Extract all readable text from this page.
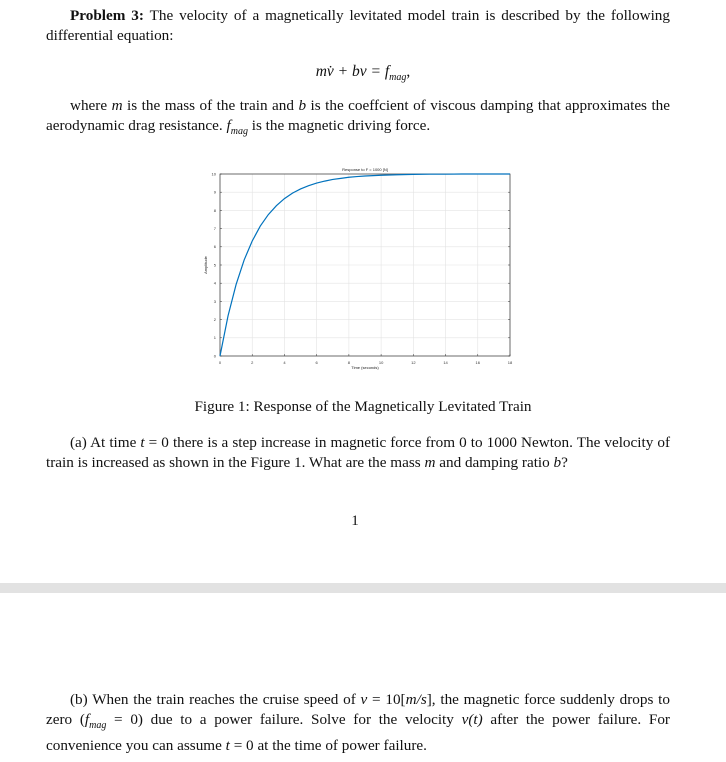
Problem 3: The velocity of a magnetically levitated model train is described by the following differential equation:
mv̇ + bv = $f_{mag}$,
where m is the mass of the train and b is the coeffcient of viscous damping that approximates the aerodynamic drag resistance. $f_{mag}$ is the magnetic driving force.
Response to F = 1000 [N]
Time (seconds)
Amplitude
0	2	4	6	8	10	12	14	16	18
0
1
2
3
4
5
6
7
8
9
10
Figure 1: Response of the Magnetically Levitated Train
(a) At time t = 0 there is a step increase in magnetic force from 0 to 1000 Newton. The velocity of train is increased as shown in the Figure 1. What are the mass m and damping ratio b?
1
(b) When the train reaches the cruise speed of v = 10[m/s], the magnetic force suddenly drops to zero $(f_{mag} = 0)$ due to a power failure. Solve for the velocity v(t) after the power failure. For convenience you can assume t = 0 at the time of power failure.
